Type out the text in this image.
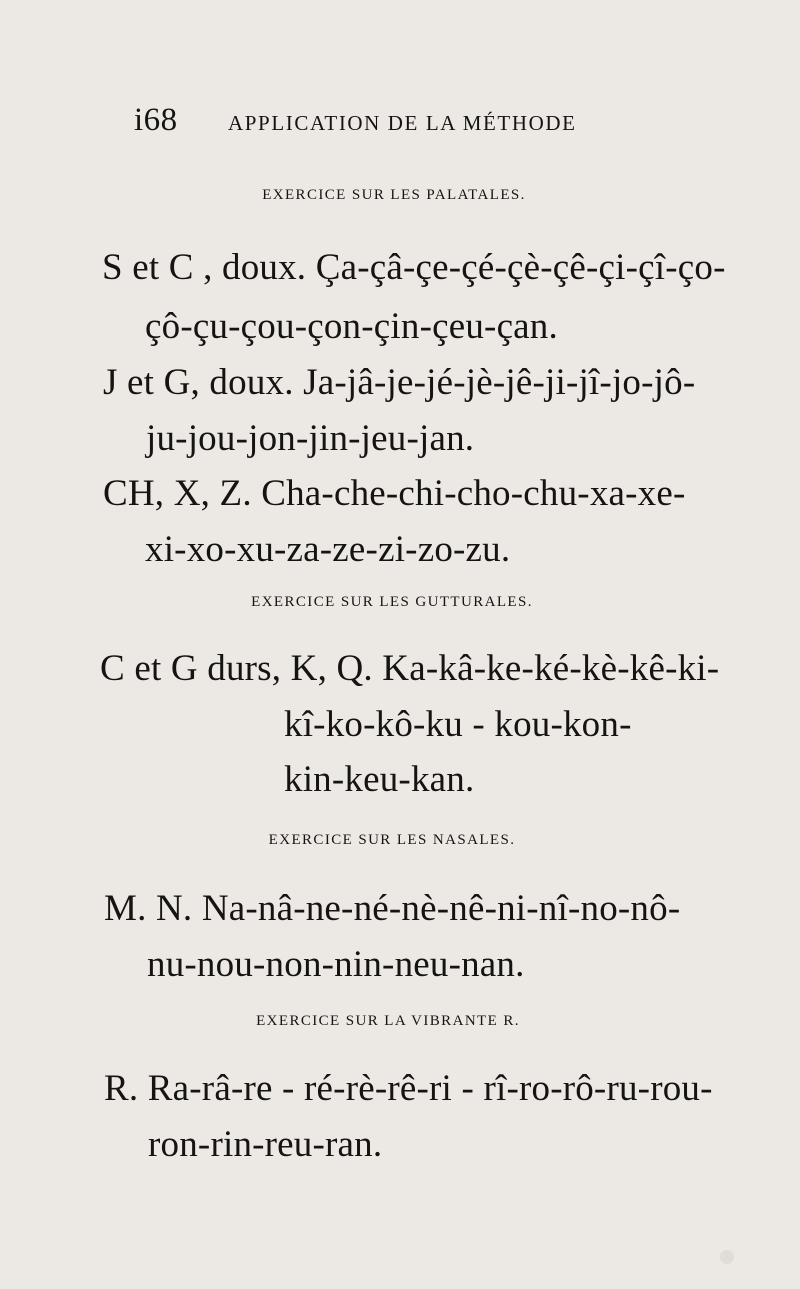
i68 APPLICATION DE LA MÉTHODE
EXERCICE SUR LES PALATALES.
S et C , doux. Ça-çâ-çe-çé-çè-çê-çi-çî-ço-
çô-çu-çou-çon-çin-çeu-çan.
J et G, doux. Ja-jâ-je-jé-jè-jê-ji-jî-jo-jô-
ju-jou-jon-jin-jeu-jan.
CH, X, Z. Cha-che-chi-cho-chu-xa-xe-
xi-xo-xu-za-ze-zi-zo-zu.
EXERCICE SUR LES GUTTURALES.
C et G durs, K, Q. Ka-kâ-ke-ké-kè-kê-ki-
kî-ko-kô-ku - kou-kon-
kin-keu-kan.
EXERCICE SUR LES NASALES.
M. N. Na-nâ-ne-né-nè-nê-ni-nî-no-nô-
nu-nou-non-nin-neu-nan.
EXERCICE SUR LA VIBRANTE R.
R. Ra-râ-re - ré-rè-rê-ri - rî-ro-rô-ru-rou-
ron-rin-reu-ran.
